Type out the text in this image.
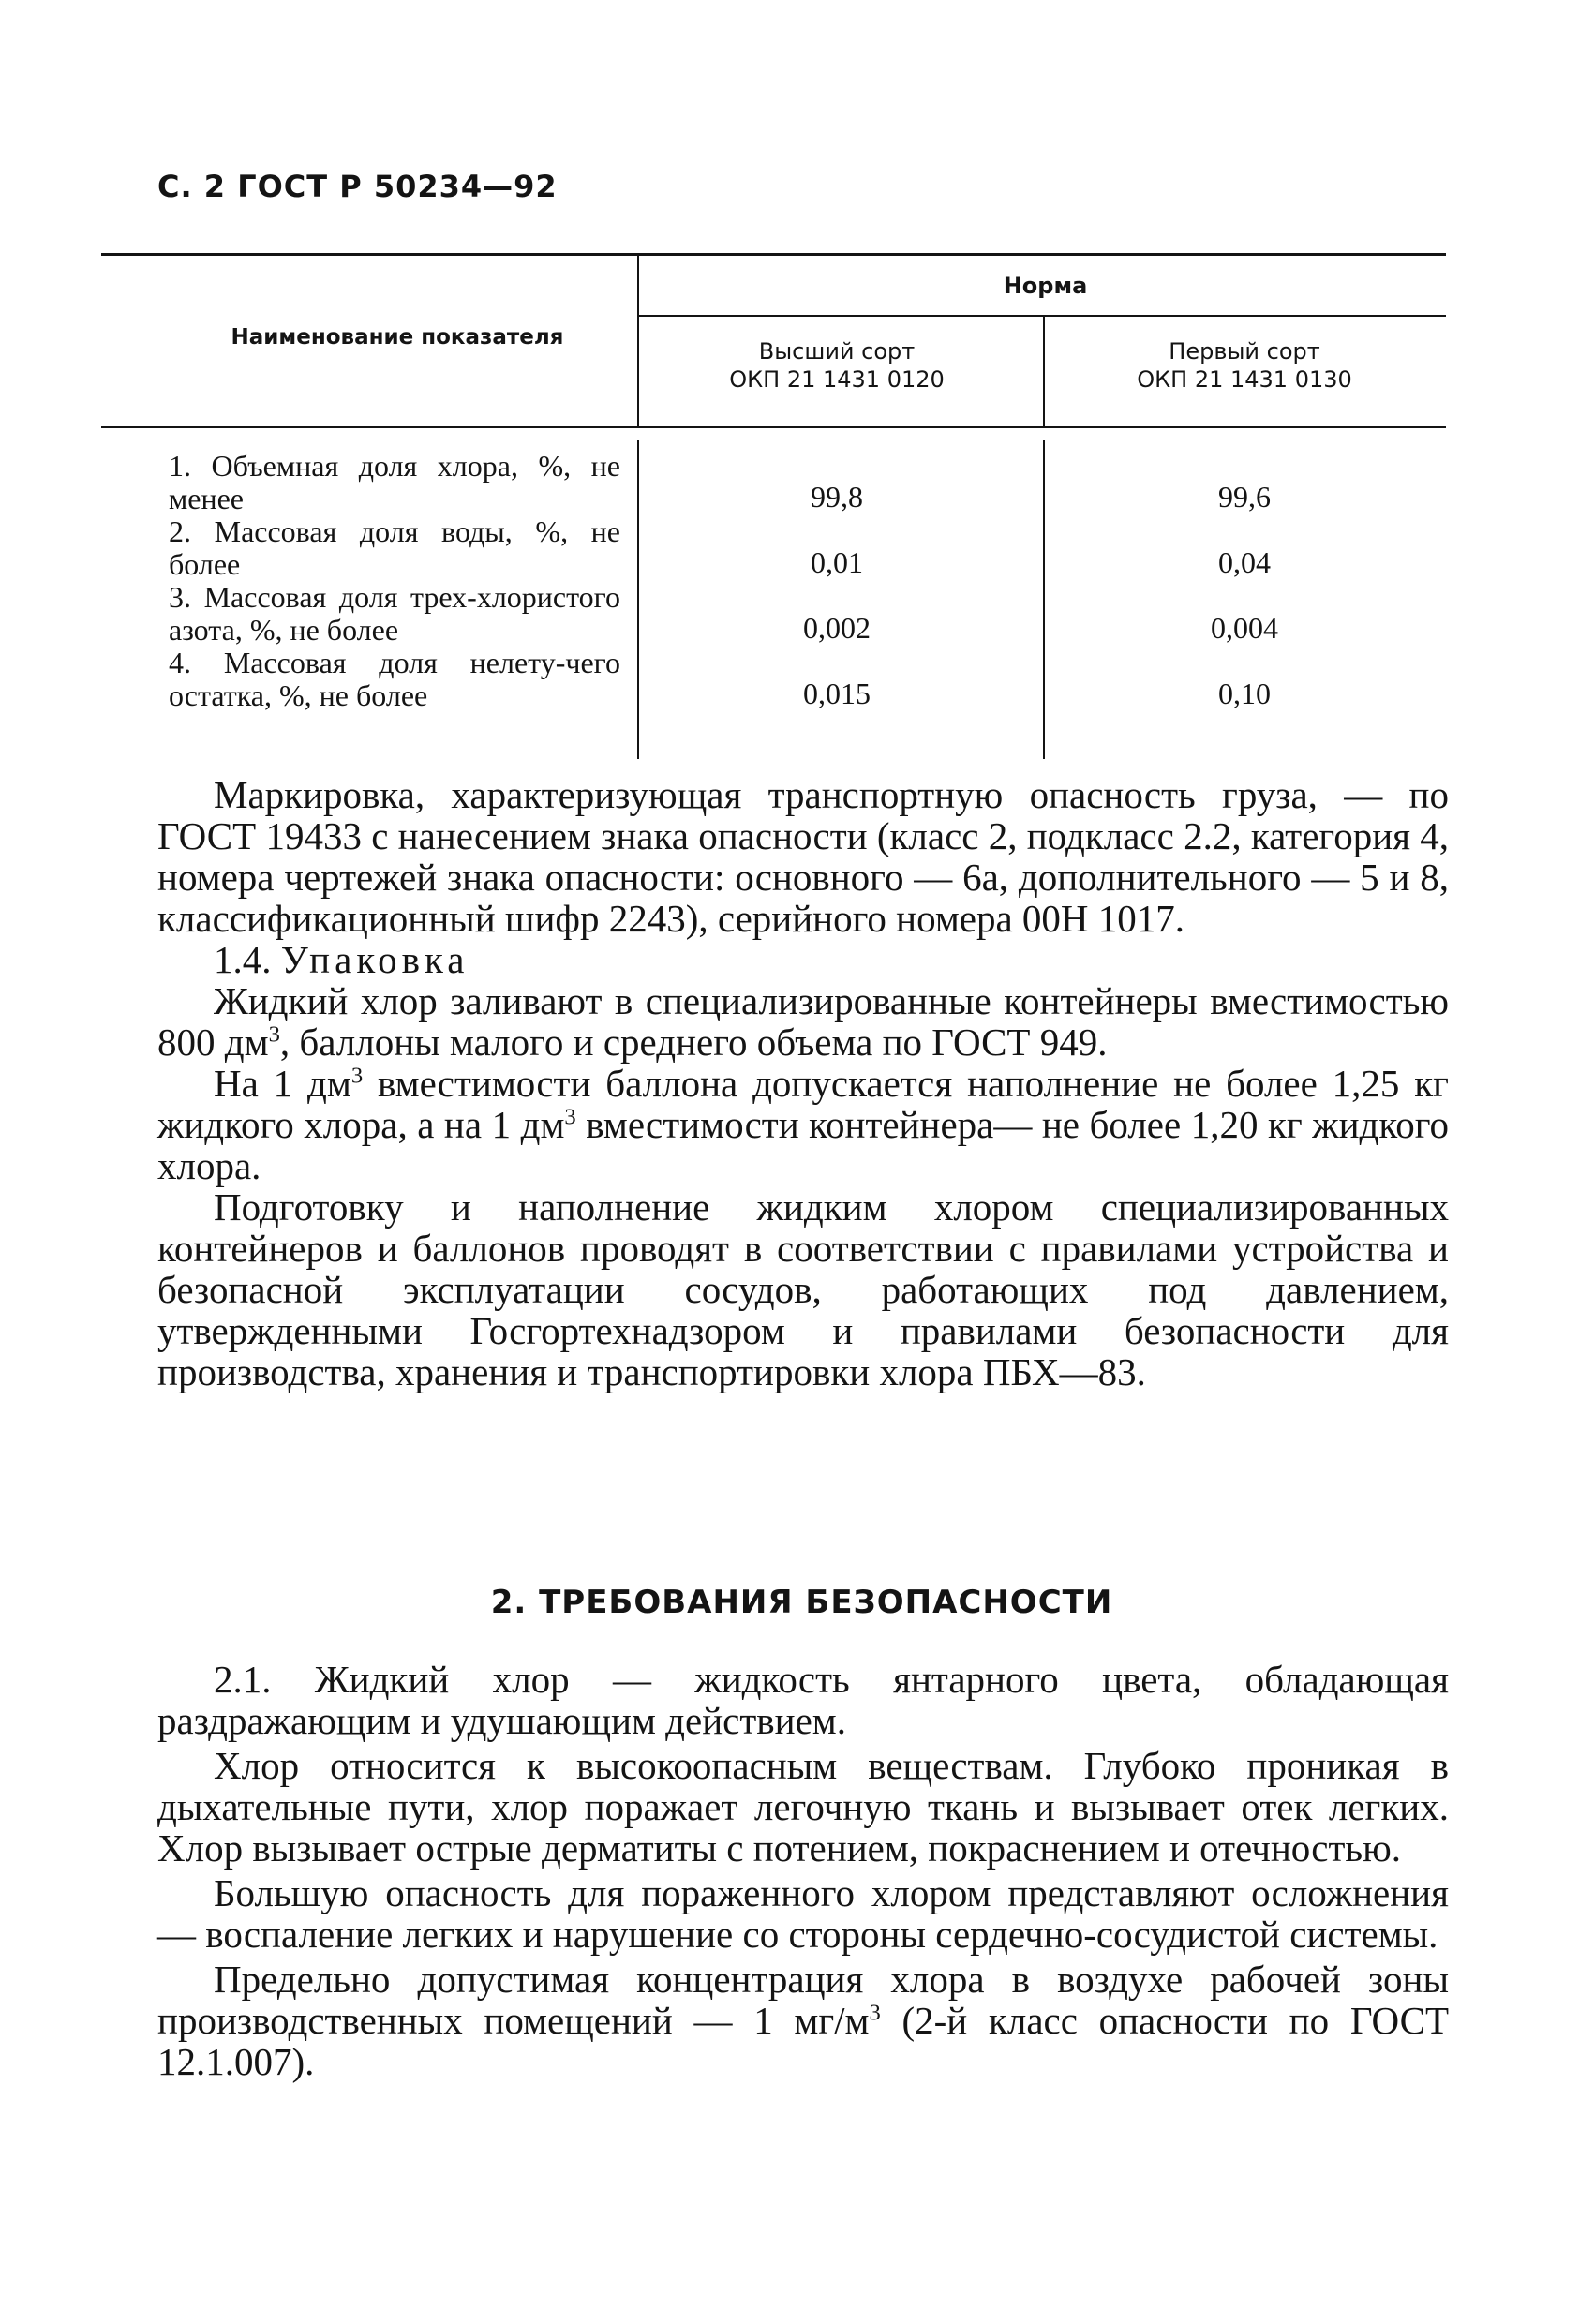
С. 2 ГОСТ Р 50234—92
Наименование показателя
Норма
Высший сорт
ОКП 21 1431 0120
Первый сорт
ОКП 21 1431 0130
1. Объемная доля хлора, %, не менее	99,8	99,6
2. Массовая доля воды, %, не более	0,01	0,04
3. Массовая доля трех-хлористого азота, %, не более	0,002	0,004
4. Массовая доля нелету-чего остатка, %, не более	0,015	0,10

Маркировка, характеризующая транспортную опасность груза, — по ГОСТ 19433 с нанесением знака опасности (класс 2, подкласс 2.2, категория 4, номера чертежей знака опасности: основного — 6а, дополнительного — 5 и 8, классификационный шифр 2243), серийного номера 00Н 1017.

1.4. Упаковка

Жидкий хлор заливают в специализированные контейнеры вместимостью 800 $дм^3$, баллоны малого и среднего объема по ГОСТ 949.

На 1 $дм^3$ вместимости баллона допускается наполнение не более 1,25 кг жидкого хлора, а на 1 $дм^3$ вместимости контейнера— не более 1,20 кг жидкого хлора.

Подготовку и наполнение жидким хлором специализированных контейнеров и баллонов проводят в соответствии с правилами устройства и безопасной эксплуатации сосудов, работающих под давлением, утвержденными Госгортехнадзором и правилами безопасности для производства, хранения и транспортировки хлора ПБХ—83.

2. ТРЕБОВАНИЯ БЕЗОПАСНОСТИ

2.1. Жидкий хлор — жидкость янтарного цвета, обладающая раздражающим и удушающим действием.

Хлор относится к высокоопасным веществам. Глубоко проникая в дыхательные пути, хлор поражает легочную ткань и вызывает отек легких. Хлор вызывает острые дерматиты с потением, покраснением и отечностью.

Большую опасность для пораженного хлором представляют осложнения — воспаление легких и нарушение со стороны сердечно-сосудистой системы.

Предельно допустимая концентрация хлора в воздухе рабочей зоны производственных помещений — 1 $мг/м^3$ (2-й класс опасности по ГОСТ 12.1.007).
